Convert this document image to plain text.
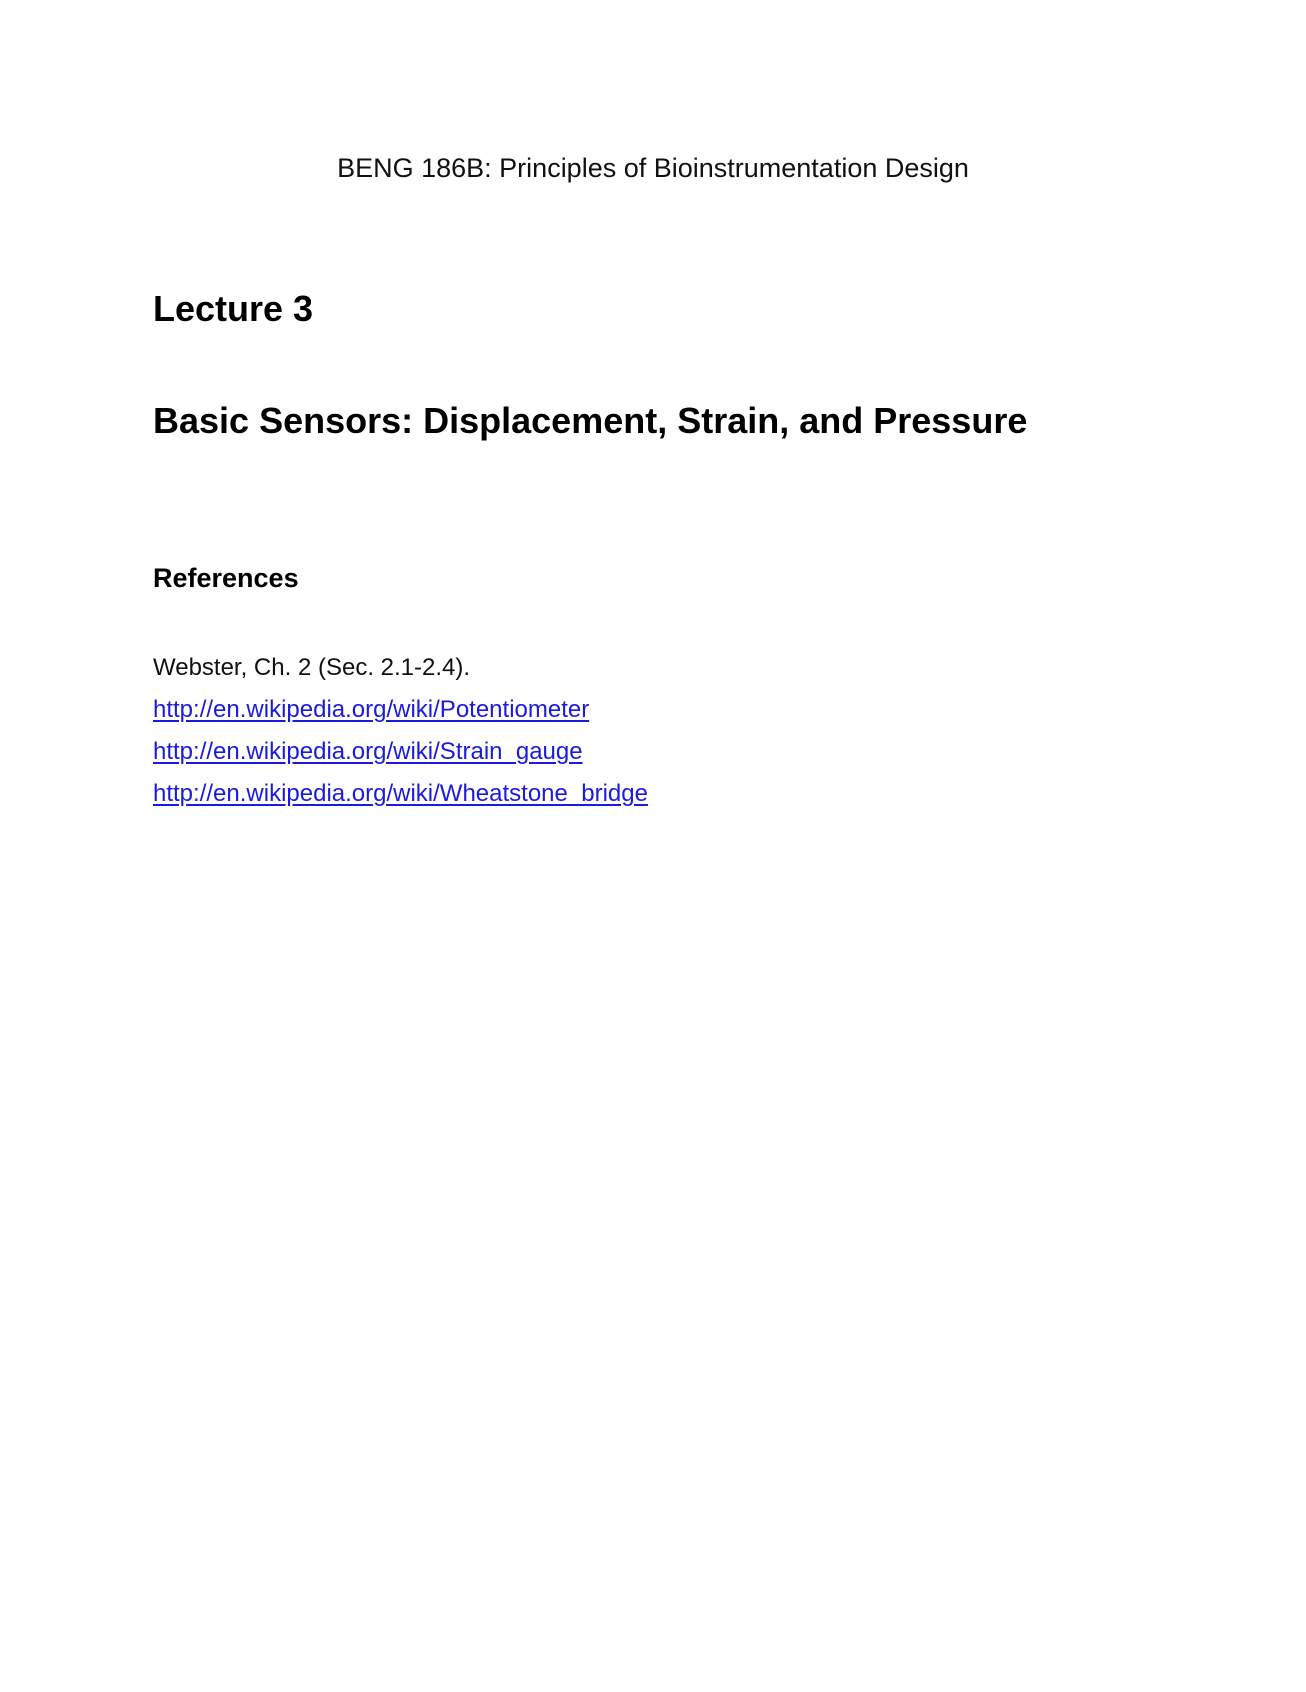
BENG 186B: Principles of Bioinstrumentation Design

Lecture 3
Basic Sensors: Displacement, Strain, and Pressure
References
Webster, Ch. 2 (Sec. 2.1-2.4).
http://en.wikipedia.org/wiki/Potentiometer
http://en.wikipedia.org/wiki/Strain_gauge
http://en.wikipedia.org/wiki/Wheatstone_bridge
